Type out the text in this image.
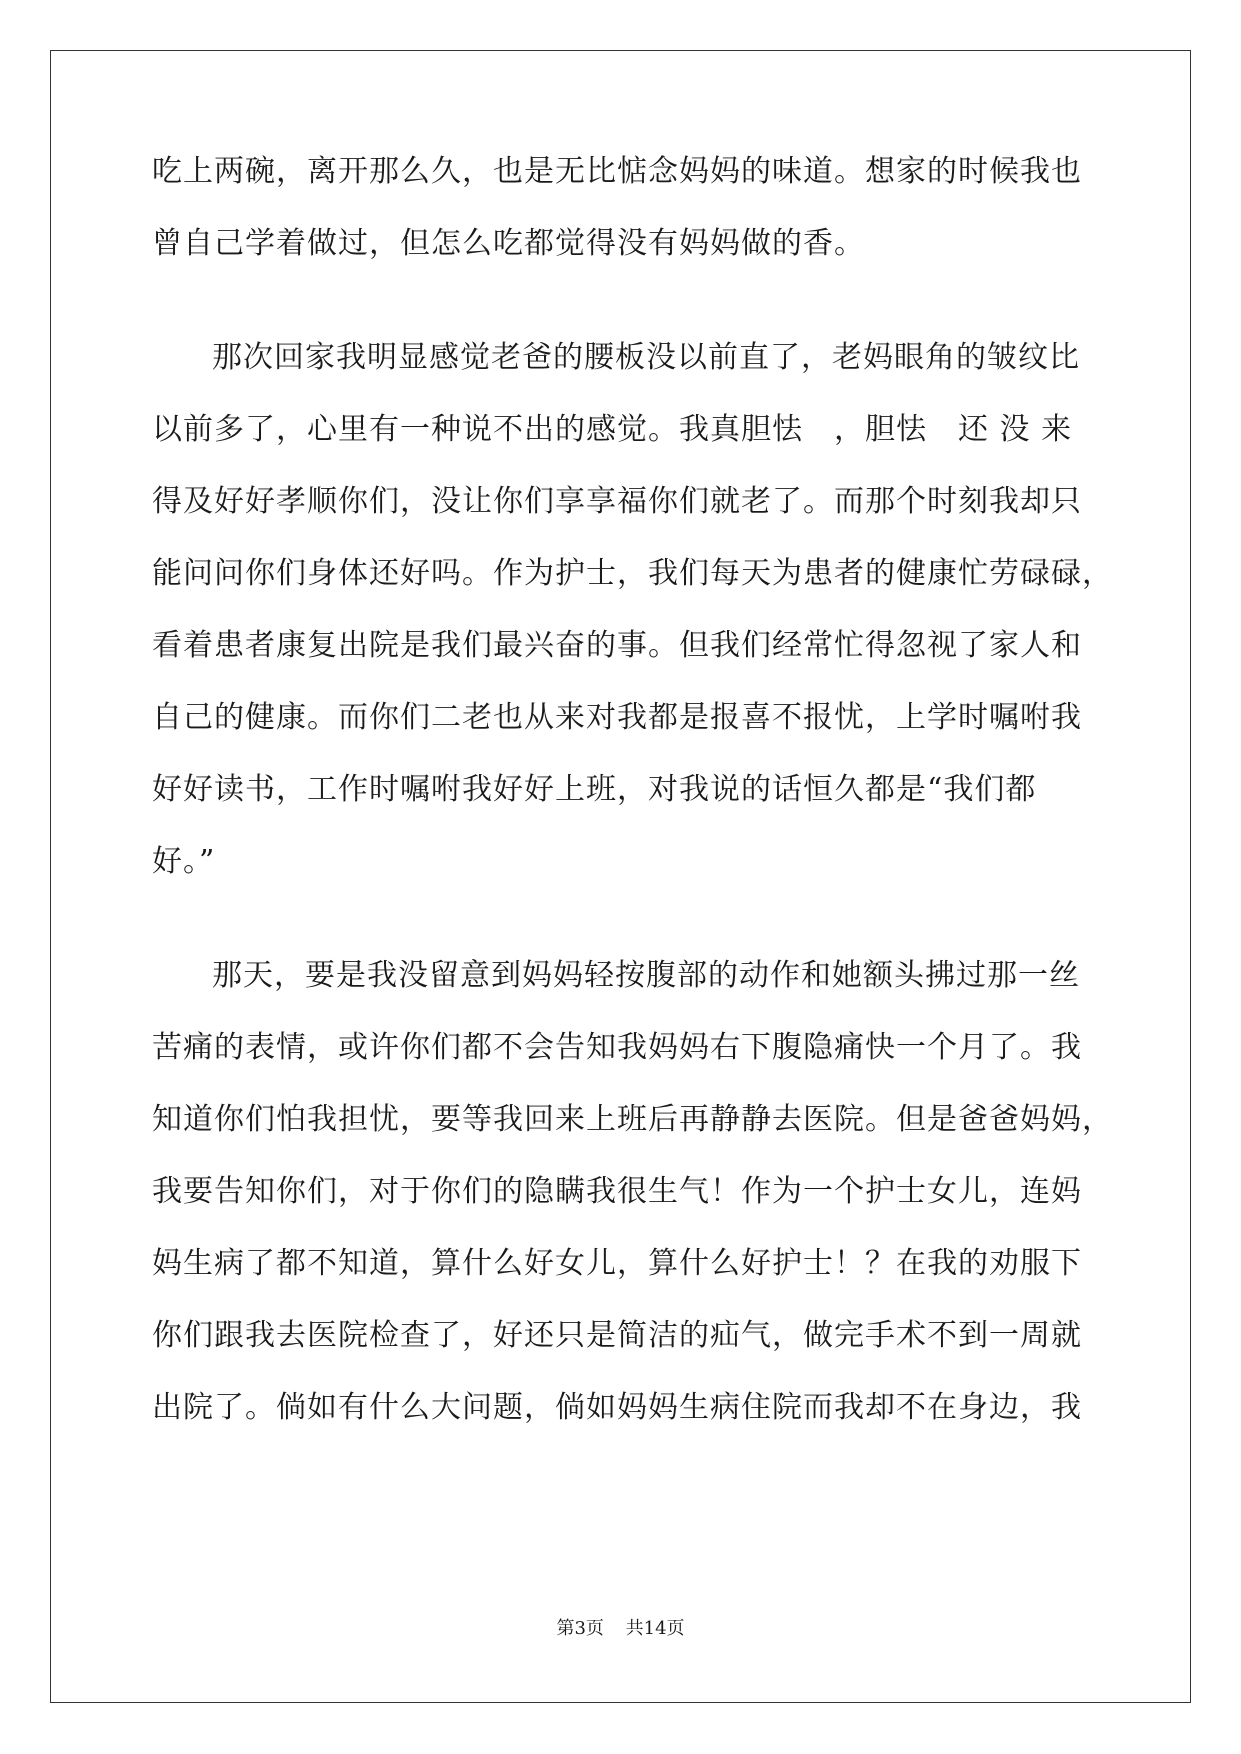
吃上两碗，离开那么久，也是无比惦念妈妈的味道。想家的时候我也
曾自己学着做过，但怎么吃都觉得没有妈妈做的香。
那次回家我明显感觉老爸的腰板没以前直了，老妈眼角的皱纹比
以前多了，心里有一种说不出的感觉。我真胆怯　，胆怯　还 没 来
得及好好孝顺你们，没让你们享享福你们就老了。而那个时刻我却只
能问问你们身体还好吗。作为护士，我们每天为患者的健康忙劳碌碌，
看着患者康复出院是我们最兴奋的事。但我们经常忙得忽视了家人和
自己的健康。而你们二老也从来对我都是报喜不报忧，上学时嘱咐我
好好读书，工作时嘱咐我好好上班，对我说的话恒久都是“我们都
好。”
那天，要是我没留意到妈妈轻按腹部的动作和她额头拂过那一丝
苦痛的表情，或许你们都不会告知我妈妈右下腹隐痛快一个月了。我
知道你们怕我担忧，要等我回来上班后再静静去医院。但是爸爸妈妈，
我要告知你们，对于你们的隐瞒我很生气！作为一个护士女儿，连妈
妈生病了都不知道，算什么好女儿，算什么好护士！？在我的劝服下
你们跟我去医院检查了，好还只是简洁的疝气，做完手术不到一周就
出院了。倘如有什么大问题，倘如妈妈生病住院而我却不在身边，我
第3页 共14页
